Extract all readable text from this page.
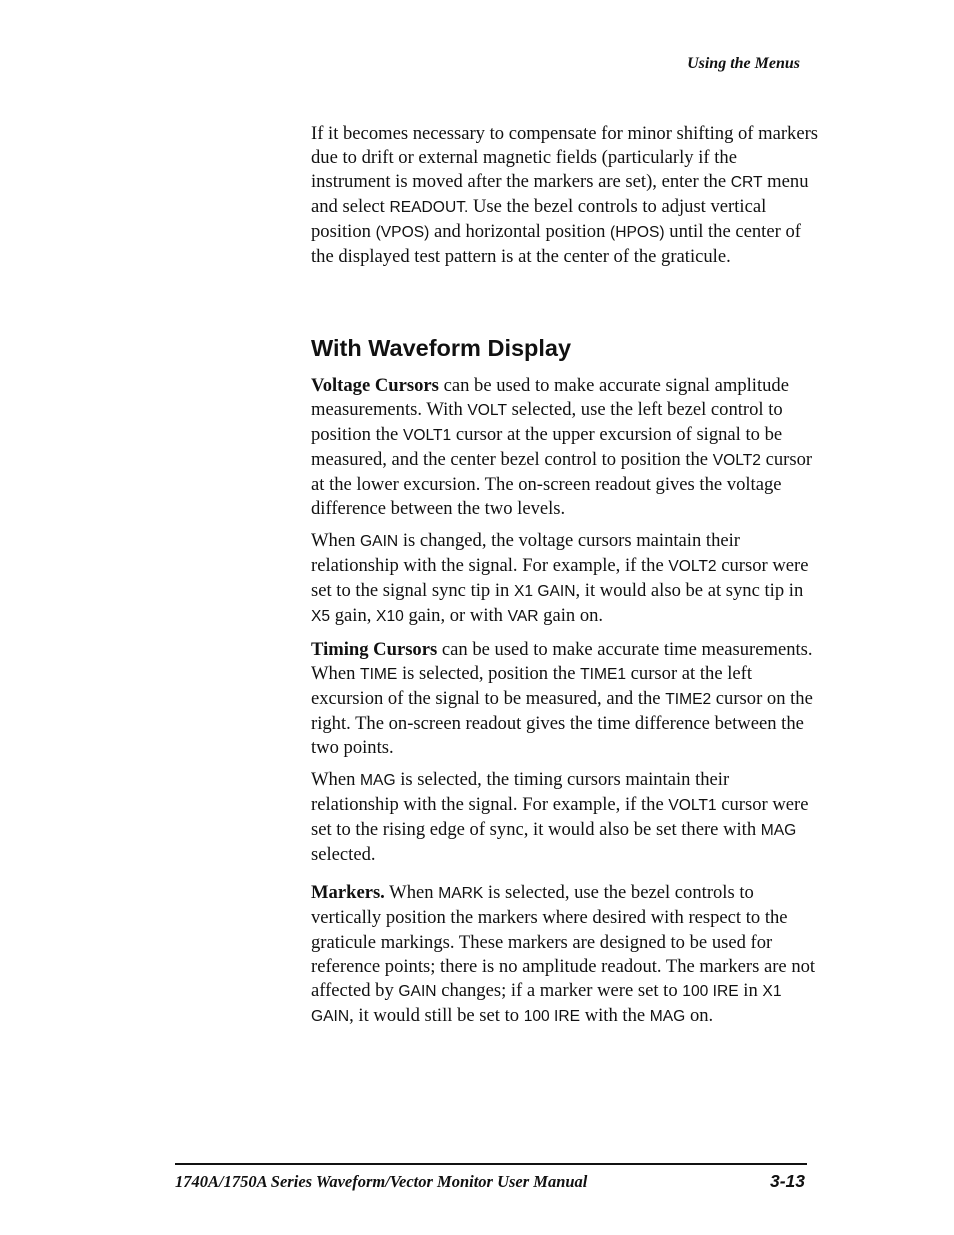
Using the Menus

If it becomes necessary to compensate for minor shifting of markers due to drift or external magnetic fields (particularly if the instrument is moved after the markers are set), enter the CRT menu and select READOUT. Use the bezel controls to adjust vertical position (VPOS) and horizontal position (HPOS) until the center of the displayed test pattern is at the center of the graticule.

With Waveform Display

Voltage Cursors can be used to make accurate signal amplitude measurements. With VOLT selected, use the left bezel control to position the VOLT1 cursor at the upper excursion of signal to be measured, and the center bezel control to position the VOLT2 cursor at the lower excursion. The on-screen readout gives the voltage difference between the two levels.

When GAIN is changed, the voltage cursors maintain their relationship with the signal. For example, if the VOLT2 cursor were set to the signal sync tip in X1 GAIN, it would also be at sync tip in X5 gain, X10 gain, or with VAR gain on.

Timing Cursors can be used to make accurate time measurements. When TIME is selected, position the TIME1 cursor at the left excursion of the signal to be measured, and the TIME2 cursor on the right. The on-screen readout gives the time difference between the two points.

When MAG is selected, the timing cursors maintain their relationship with the signal. For example, if the VOLT1 cursor were set to the rising edge of sync, it would also be set there with MAG selected.

Markers. When MARK is selected, use the bezel controls to vertically position the markers where desired with respect to the graticule markings. These markers are designed to be used for reference points; there is no amplitude readout. The markers are not affected by GAIN changes; if a marker were set to 100 IRE in X1 GAIN, it would still be set to 100 IRE with the MAG on.

1740A/1750A Series Waveform/Vector Monitor User Manual	3-13
